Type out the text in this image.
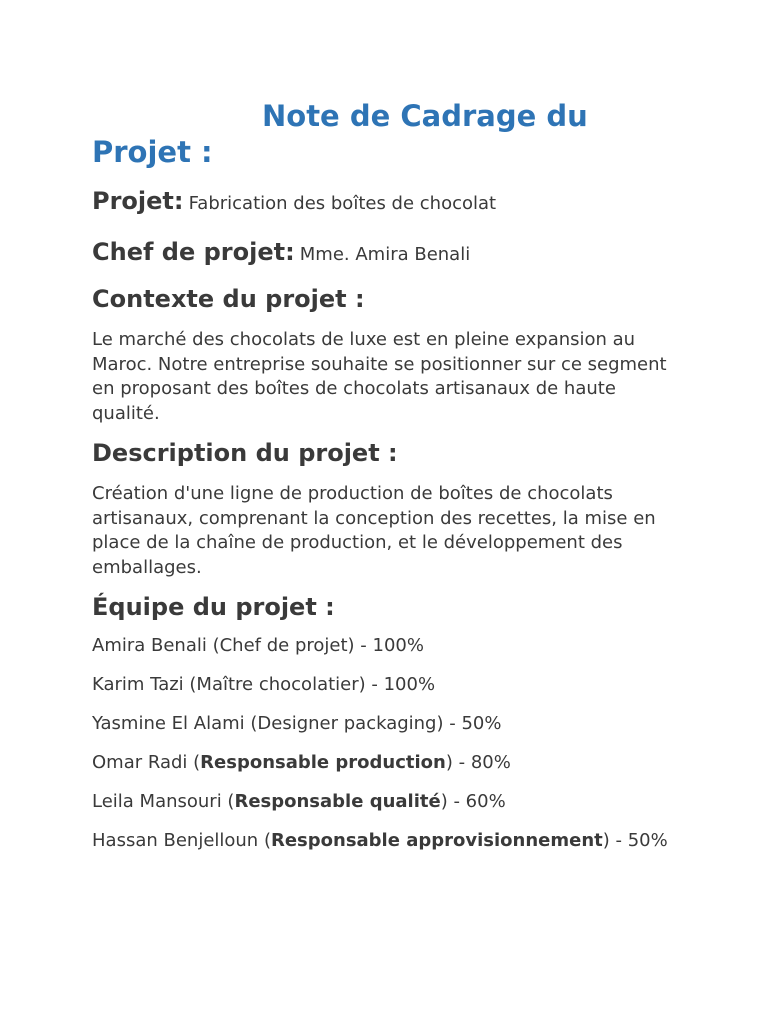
Note de Cadrage du Projet :

Projet: Fabrication des boîtes de chocolat

Chef de projet: Mme. Amira Benali

Contexte du projet :

Le marché des chocolats de luxe est en pleine expansion au Maroc. Notre entreprise souhaite se positionner sur ce segment en proposant des boîtes de chocolats artisanaux de haute qualité.

Description du projet :

Création d'une ligne de production de boîtes de chocolats artisanaux, comprenant la conception des recettes, la mise en place de la chaîne de production, et le développement des emballages.

Équipe du projet :
Amira Benali (Chef de projet) - 100%
Karim Tazi (Maître chocolatier) - 100%
Yasmine El Alami (Designer packaging) - 50%
Omar Radi (Responsable production) - 80%
Leila Mansouri (Responsable qualité) - 60%
Hassan Benjelloun (Responsable approvisionnement) - 50%
